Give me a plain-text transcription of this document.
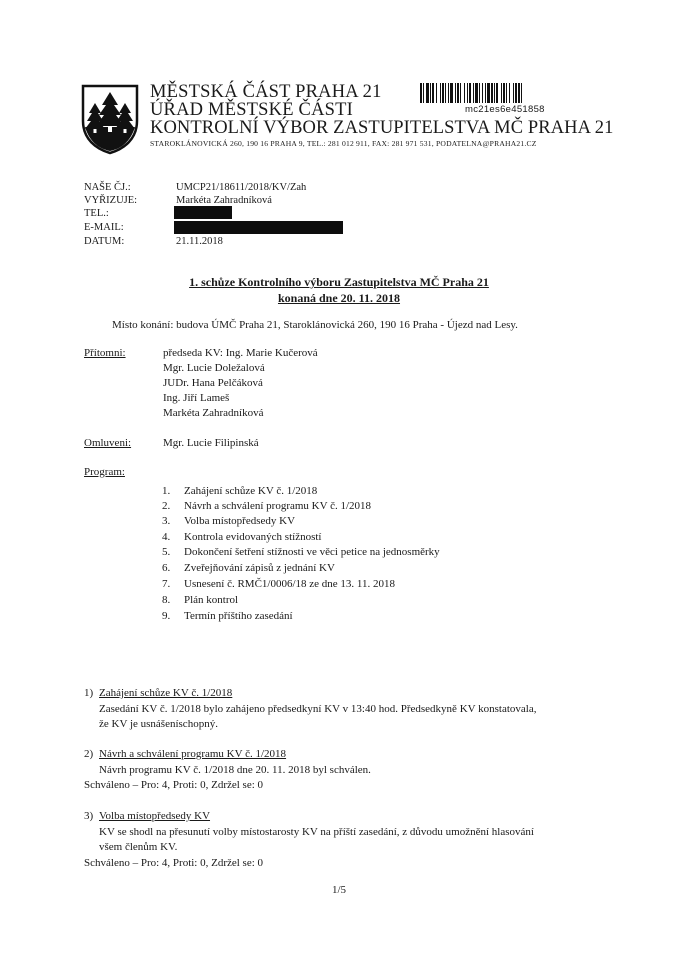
MĚSTSKÁ ČÁST PRAHA 21
ÚŘAD MĚSTSKÉ ČÁSTI
KONTROLNÍ VÝBOR ZASTUPITELSTVA MČ PRAHA 21
STAROKLÁNOVICKÁ 260, 190 16 PRAHA 9, TEL.: 281 012 911, FAX: 281 971 531, PODATELNA@PRAHA21.CZ
mc21es6e451858
NAŠE ČJ.:	UMCP21/18611/2018/KV/Zah
VYŘIZUJE:	Markéta Zahradníková
TEL.:
E-MAIL:
DATUM:	21.11.2018
1. schůze Kontrolního výboru Zastupitelstva MČ Praha 21
konaná dne 20. 11. 2018
Místo konání: budova ÚMČ Praha 21, Staroklánovická 260, 190 16 Praha - Újezd nad Lesy.
Přítomni:	předseda KV: Ing. Marie Kučerová
Mgr. Lucie Doležalová
JUDr. Hana Pelčáková
Ing. Jiří Lameš
Markéta Zahradníková
Omluveni:	Mgr. Lucie Filipinská
Program:
1. Zahájení schůze KV č. 1/2018
2. Návrh a schválení programu KV č. 1/2018
3. Volba místopředsedy KV
4. Kontrola evidovaných stížností
5. Dokončení šetření stížnosti ve věci petice na jednosměrky
6. Zveřejňování zápisů z jednání KV
7. Usnesení č. RMČ1/0006/18 ze dne 13. 11. 2018
8. Plán kontrol
9. Termín příštího zasedání
1) Zahájení schůze KV č. 1/2018
Zasedání KV č. 1/2018 bylo zahájeno předsedkyní KV v 13:40 hod. Předsedkyně KV konstatovala,
že KV je usnášeníschopný.
2) Návrh a schválení programu KV č. 1/2018
Návrh programu KV č. 1/2018 dne 20. 11. 2018 byl schválen.
Schváleno – Pro: 4, Proti: 0, Zdržel se: 0
3) Volba místopředsedy KV
KV se shodl na přesunutí volby místostarosty KV na příští zasedání, z důvodu umožnění hlasování
všem členům KV.
Schváleno – Pro: 4, Proti: 0, Zdržel se: 0
1/5
